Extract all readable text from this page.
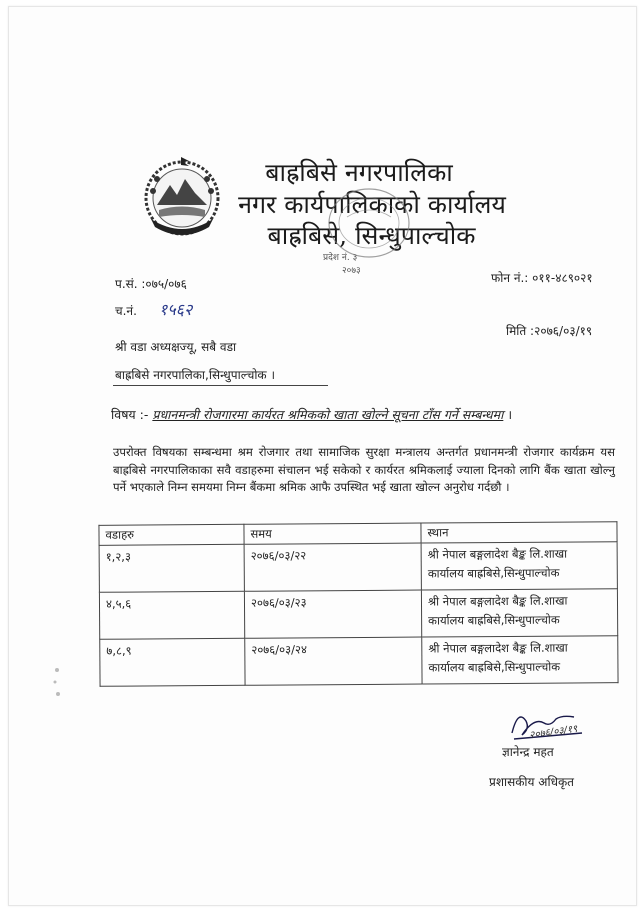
बाह्रबिसे नगरपालिका
नगर कार्यपालिकाको कार्यालय
बाह्रबिसे, सिन्धुपाल्चोक
प्रदेश नं. ३
२०७३
प.सं. :०७५/०७६	फोन नं.: ०११-४८९०२१
च.नं. १५६२
मिति :२०७६/०३/१९
श्री वडा अध्यक्षज्यू, सबै वडा
बाह्रबिसे नगरपालिका,सिन्धुपाल्चोक ।
विषय :- प्रधानमन्त्री रोजगारमा कार्यरत श्रमिकको खाता खोल्ने सूचना टाँस गर्ने सम्बन्धमा ।
उपरोक्त विषयका सम्बन्धमा श्रम रोजगार तथा सामाजिक सुरक्षा मन्त्रालय अन्तर्गत प्रधानमन्त्री रोजगार कार्यक्रम यस बाह्रबिसे नगरपालिकाका सवै वडाहरुमा संचालन भई सकेको र कार्यरत श्रमिकलाई ज्याला दिनको लागि बैंक खाता खोल्नु पर्ने भएकाले निम्न समयमा निम्न बैंकमा श्रमिक आफै उपस्थित भई खाता खोल्न अनुरोध गर्दछौ ।
वडाहरु	समय	स्थान
१,२,३	२०७६/०३/२२	श्री नेपाल बङ्गलादेश बैङ्क लि.शाखा
कार्यालय बाह्रबिसे,सिन्धुपाल्चोक

४,५,६	२०७६/०३/२३	श्री नेपाल बङ्गलादेश बैङ्क लि.शाखा
कार्यालय बाह्रबिसे,सिन्धुपाल्चोक

७,८,९	२०७६/०३/२४	श्री नेपाल बङ्गलादेश बैङ्क लि.शाखा
कार्यालय बाह्रबिसे,सिन्धुपाल्चोक
२०७६/०३/१९
ज्ञानेन्द्र महत
प्रशासकीय अधिकृत
